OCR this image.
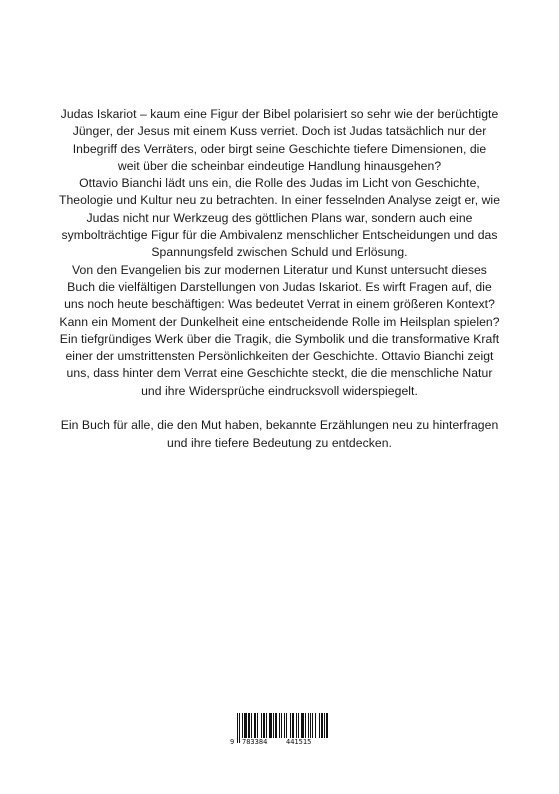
Judas Iskariot – kaum eine Figur der Bibel polarisiert so sehr wie der berüchtigte
Jünger, der Jesus mit einem Kuss verriet. Doch ist Judas tatsächlich nur der
Inbegriff des Verräters, oder birgt seine Geschichte tiefere Dimensionen, die
weit über die scheinbar eindeutige Handlung hinausgehen?
Ottavio Bianchi lädt uns ein, die Rolle des Judas im Licht von Geschichte,
Theologie und Kultur neu zu betrachten. In einer fesselnden Analyse zeigt er, wie
Judas nicht nur Werkzeug des göttlichen Plans war, sondern auch eine
symbolträchtige Figur für die Ambivalenz menschlicher Entscheidungen und das
Spannungsfeld zwischen Schuld und Erlösung.
Von den Evangelien bis zur modernen Literatur und Kunst untersucht dieses
Buch die vielfältigen Darstellungen von Judas Iskariot. Es wirft Fragen auf, die
uns noch heute beschäftigen: Was bedeutet Verrat in einem größeren Kontext?
Kann ein Moment der Dunkelheit eine entscheidende Rolle im Heilsplan spielen?
Ein tiefgründiges Werk über die Tragik, die Symbolik und die transformative Kraft
einer der umstrittensten Persönlichkeiten der Geschichte. Ottavio Bianchi zeigt
uns, dass hinter dem Verrat eine Geschichte steckt, die die menschliche Natur
und ihre Widersprüche eindrucksvoll widerspiegelt.
Ein Buch für alle, die den Mut haben, bekannte Erzählungen neu zu hinterfragen
und ihre tiefere Bedeutung zu entdecken.
9 783384	441515
